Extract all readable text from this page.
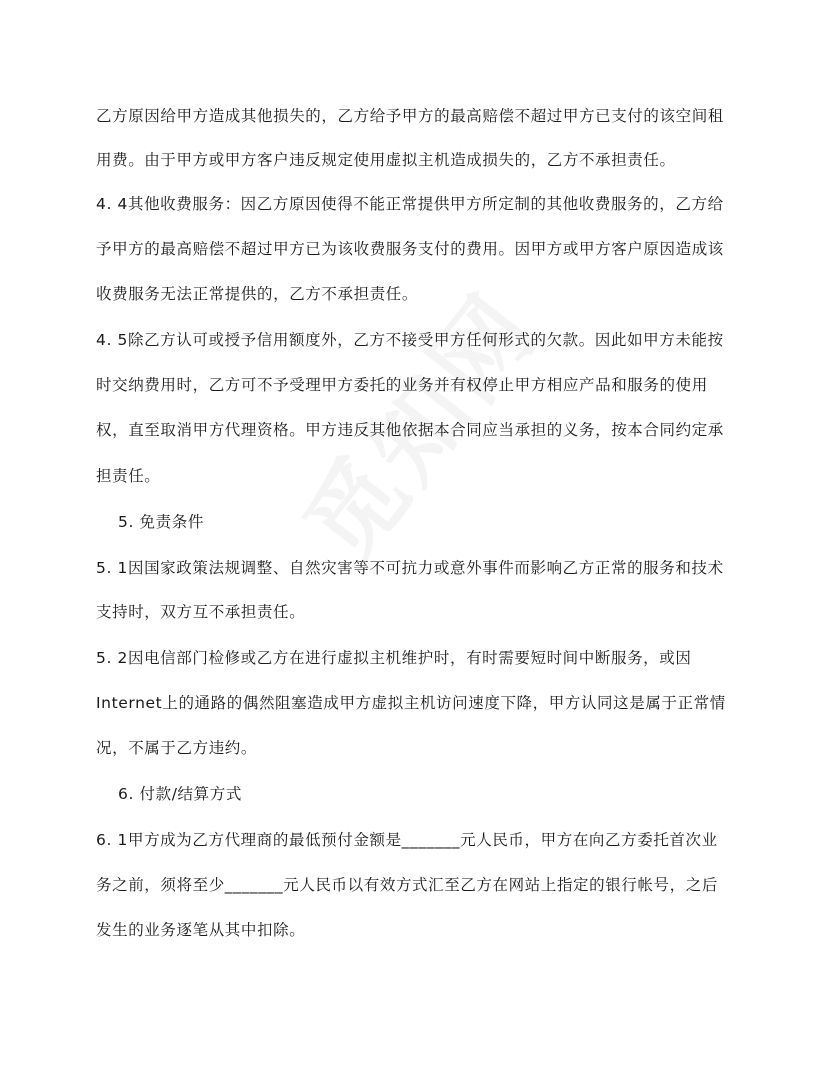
乙方原因给甲方造成其他损失的，乙方给予甲方的最高赔偿不超过甲方已支付的该空间租
用费。由于甲方或甲方客户违反规定使用虚拟主机造成损失的，乙方不承担责任。
4. 4其他收费服务：因乙方原因使得不能正常提供甲方所定制的其他收费服务的，乙方给
予甲方的最高赔偿不超过甲方已为该收费服务支付的费用。因甲方或甲方客户原因造成该
收费服务无法正常提供的，乙方不承担责任。
4. 5除乙方认可或授予信用额度外，乙方不接受甲方任何形式的欠款。因此如甲方未能按
时交纳费用时，乙方可不予受理甲方委托的业务并有权停止甲方相应产品和服务的使用
权，直至取消甲方代理资格。甲方违反其他依据本合同应当承担的义务，按本合同约定承
担责任。
5. 免责条件
5. 1因国家政策法规调整、自然灾害等不可抗力或意外事件而影响乙方正常的服务和技术
支持时，双方互不承担责任。
5. 2因电信部门检修或乙方在进行虚拟主机维护时，有时需要短时间中断服务，或因
Internet上的通路的偶然阻塞造成甲方虚拟主机访问速度下降，甲方认同这是属于正常情
况，不属于乙方违约。
6. 付款/结算方式
6. 1甲方成为乙方代理商的最低预付金额是_______元人民币，甲方在向乙方委托首次业
务之前，须将至少_______元人民币以有效方式汇至乙方在网站上指定的银行帐号，之后
发生的业务逐笔从其中扣除。
